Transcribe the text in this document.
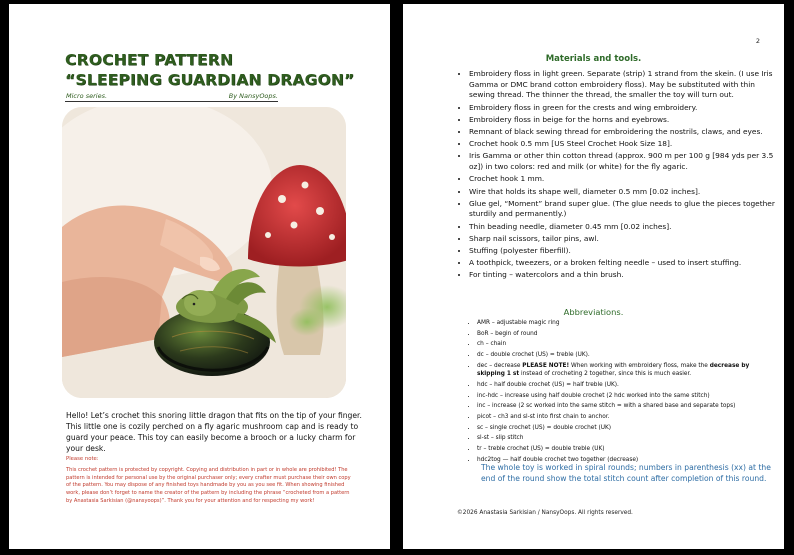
CROCHET PATTERN
“SLEEPING GUARDIAN DRAGON”
Micro series.	By NansyOops.

Hello! Let’s crochet this snoring little dragon that fits on the tip of your finger. This little one is cozily perched on a fly agaric mushroom cap and is ready to guard your peace. This toy can easily become a brooch or a lucky charm for your desk.

Please note:

This crochet pattern is protected by copyright. Copying and distribution in part or in whole are prohibited! The pattern is intended for personal use by the original purchaser only; every crafter must purchase their own copy of the pattern. You may dispose of any finished toys handmade by you as you see fit. When showing finished work, please don’t forget to name the creator of the pattern by including the phrase “crocheted from a pattern by Anastasia Sarkisian (@nansyoops)”. Thank you for your attention and for respecting my work!

2
Materials and tools.
• Embroidery floss in light green. Separate (strip) 1 strand from the skein. (I use Iris Gamma or DMC brand cotton embroidery floss). May be substituted with thin sewing thread. The thinner the thread, the smaller the toy will turn out.
• Embroidery floss in green for the crests and wing embroidery.
• Embroidery floss in beige for the horns and eyebrows.
• Remnant of black sewing thread for embroidering the nostrils, claws, and eyes.
• Crochet hook 0.5 mm [US Steel Crochet Hook Size 18].
• Iris Gamma or other thin cotton thread (approx. 900 m per 100 g [984 yds per 3.5 oz]) in two colors: red and milk (or white) for the fly agaric.
• Crochet hook 1 mm.
• Wire that holds its shape well, diameter 0.5 mm [0.02 inches].
• Glue gel, “Moment” brand super glue. (The glue needs to glue the pieces together sturdily and permanently.)
• Thin beading needle, diameter 0.45 mm [0.02 inches].
• Sharp nail scissors, tailor pins, awl.
• Stuffing (polyester fiberfill).
• A toothpick, tweezers, or a broken felting needle – used to insert stuffing.
• For tinting – watercolors and a thin brush.
Abbreviations.
• AMR – adjustable magic ring
• BoR – begin of round
• ch – chain
• dc – double crochet (US) = treble (UK).
• dec – decrease PLEASE NOTE! When working with embroidery floss, make the decrease by skipping 1 st instead of crocheting 2 together, since this is much easier.
• hdc – half double crochet (US) = half treble (UK).
• inc-hdc – increase using half double crochet (2 hdc worked into the same stitch)
• inc – increase (2 sc worked into the same stitch = with a shared base and separate tops)
• picot – ch3 and sl-st into first chain to anchor.
• sc – single crochet (US) = double crochet (UK)
• sl-st – slip stitch
• tr – treble crochet (US) = double treble (UK)
• hdc2tog — half double crochet two together (decrease)

The whole toy is worked in spiral rounds; numbers in parenthesis (xx) at the end of the round show the total stitch count after completion of this round.

©2026 Anastasia Sarkisian / NansyOops. All rights reserved.
